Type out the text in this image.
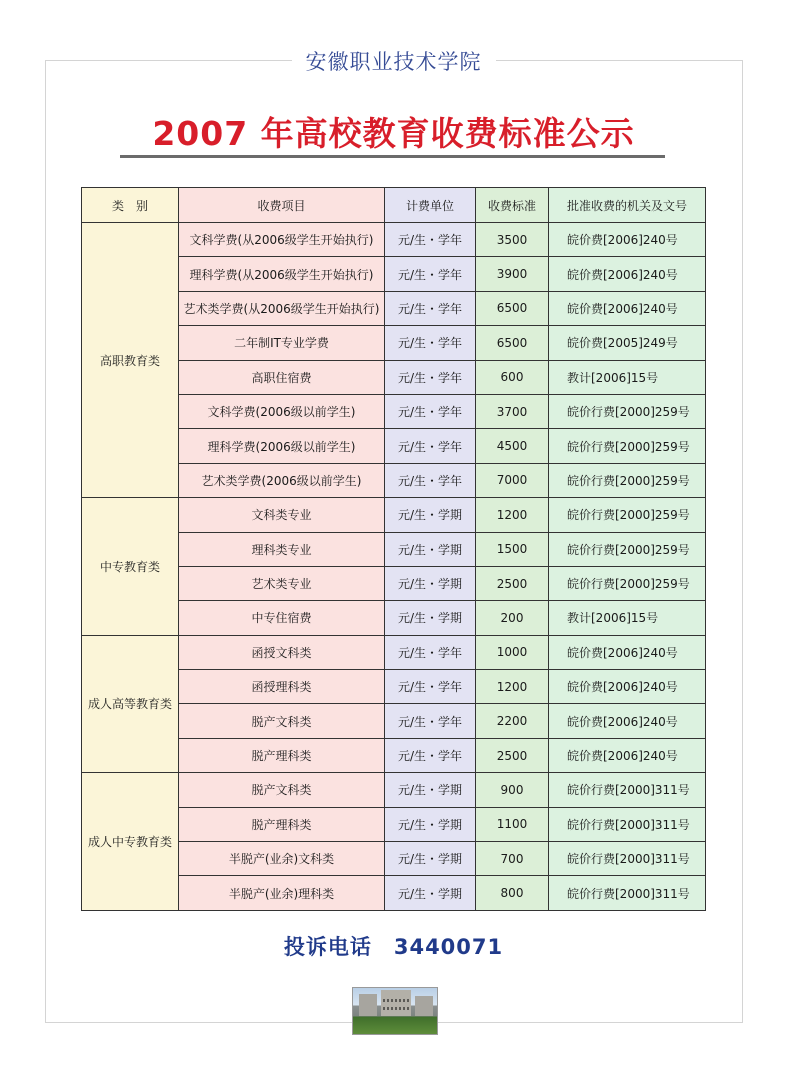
安徽职业技术学院
2007 年高校教育收费标准公示
类　别	收费项目	计费单位	收费标准	批准收费的机关及文号
高职教育类	文科学费(从2006级学生开始执行)	元/生・学年	3500	皖价费[2006]240号
	理科学费(从2006级学生开始执行)	元/生・学年	3900	皖价费[2006]240号
	艺术类学费(从2006级学生开始执行)	元/生・学年	6500	皖价费[2006]240号
	二年制IT专业学费	元/生・学年	6500	皖价费[2005]249号
	高职住宿费	元/生・学年	600	教计[2006]15号
	文科学费(2006级以前学生)	元/生・学年	3700	皖价行费[2000]259号
	理科学费(2006级以前学生)	元/生・学年	4500	皖价行费[2000]259号
	艺术类学费(2006级以前学生)	元/生・学年	7000	皖价行费[2000]259号
中专教育类	文科类专业	元/生・学期	1200	皖价行费[2000]259号
	理科类专业	元/生・学期	1500	皖价行费[2000]259号
	艺术类专业	元/生・学期	2500	皖价行费[2000]259号
	中专住宿费	元/生・学期	200	教计[2006]15号
成人高等教育类	函授文科类	元/生・学年	1000	皖价费[2006]240号
	函授理科类	元/生・学年	1200	皖价费[2006]240号
	脱产文科类	元/生・学年	2200	皖价费[2006]240号
	脱产理科类	元/生・学年	2500	皖价费[2006]240号
成人中专教育类	脱产文科类	元/生・学期	900	皖价行费[2000]311号
	脱产理科类	元/生・学期	1100	皖价行费[2000]311号
	半脱产(业余)文科类	元/生・学期	700	皖价行费[2000]311号
	半脱产(业余)理科类	元/生・学期	800	皖价行费[2000]311号
投诉电话 3440071
